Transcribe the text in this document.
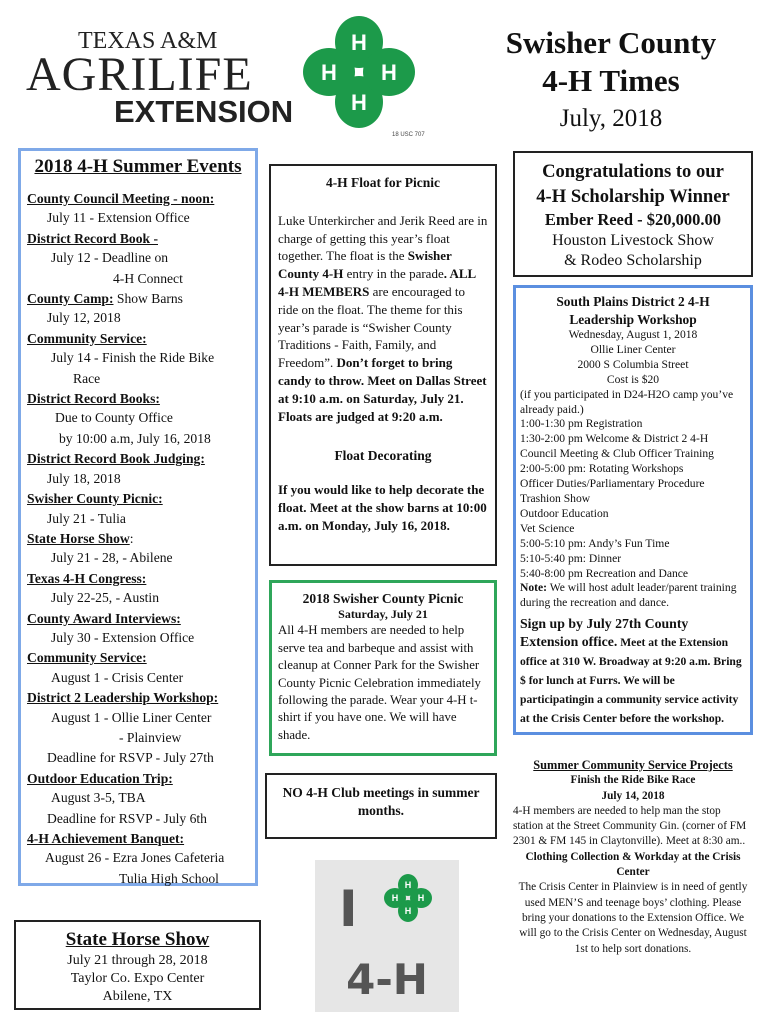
TEXAS A&M
AGRILIFE
EXTENSION
H
H
H H
18 USC 707
Swisher County
4-H Times
July, 2018
2018 4-H Summer Events
County Council Meeting - noon:
July 11 - Extension Office
District Record Book -
July 12 - Deadline on
4-H Connect
County Camp: Show Barns
July 12, 2018
Community Service:
July 14 - Finish the Ride Bike
Race
District Record Books:
Due to County Office
by 10:00 a.m, July 16, 2018
District Record Book Judging:
July 18, 2018
Swisher County Picnic:
July 21 - Tulia
State Horse Show:
July 21 - 28, - Abilene
Texas 4-H Congress:
July 22-25, - Austin
County Award Interviews:
July 30 - Extension Office
Community Service:
August 1 - Crisis Center
District 2 Leadership Workshop:
August 1 - Ollie Liner Center
- Plainview
Deadline for RSVP - July 27th
Outdoor Education Trip:
August 3-5, TBA
Deadline for RSVP - July 6th
4-H Achievement Banquet:
August 26 - Ezra Jones Cafeteria
Tulia High School
4-H Float for Picnic

Luke Unterkircher and Jerik Reed are in charge of getting this year’s float together. The float is the Swisher County 4-H entry in the parade. ALL 4-H MEMBERS are encouraged to ride on the float. The theme for this year’s parade is “Swisher County Traditions - Faith, Family, and Freedom”. Don’t forget to bring candy to throw. Meet on Dallas Street at 9:10 a.m. on Saturday, July 21. Floats are judged at 9:20 a.m.

Float Decorating

If you would like to help decorate the float. Meet at the show barns at 10:00 a.m. on Monday, July 16, 2018.

2018 Swisher County Picnic
Saturday, July 21

All 4-H members are needed to help serve tea and barbeque and assist with cleanup at Conner Park for the Swisher County Picnic Celebration immediately following the parade. Wear your 4-H t-shirt if you have one. We will have shade.

NO 4-H Club meetings in summer months.
I	H
H
H H
4-H
Congratulations to our
4-H Scholarship Winner
Ember Reed - $20,000.00
Houston Livestock Show
& Rodeo Scholarship
South Plains District 2 4-H
Leadership Workshop
Wednesday, August 1, 2018
Ollie Liner Center
2000 S Columbia Street
Cost is $20
(if you participated in D24-H2O camp you’ve already paid.)
1:00-1:30 pm Registration
1:30-2:00 pm Welcome & District 2 4-H Council Meeting & Club Officer Training
2:00-5:00 pm: Rotating Workshops
Officer Duties/Parliamentary Procedure
Trashion Show
Outdoor Education
Vet Science
5:00-5:10 pm: Andy’s Fun Time
5:10-5:40 pm: Dinner
5:40-8:00 pm Recreation and Dance

Note: We will host adult leader/parent training during the recreation and dance.

Sign up by July 27th County Extension office. Meet at the Extension office at 310 W. Broadway at 9:20 a.m. Bring $ for lunch at Furrs. We will be participatingin a community service activity at the Crisis Center before the workshop.

Summer Community Service Projects
Finish the Ride Bike Race
July 14, 2018

4-H members are needed to help man the stop station at the Street Community Gin. (corner of FM 2301 & FM 145 in Claytonville). Meet at 8:30 am..

Clothing Collection & Workday at the Crisis Center

The Crisis Center in Plainview is in need of gently used MEN’S and teenage boys’ clothing. Please bring your donations to the Extension Office. We will go to the Crisis Center on Wednesday, August 1st to help sort donations.

State Horse Show
July 21 through 28, 2018
Taylor Co. Expo Center
Abilene, TX
